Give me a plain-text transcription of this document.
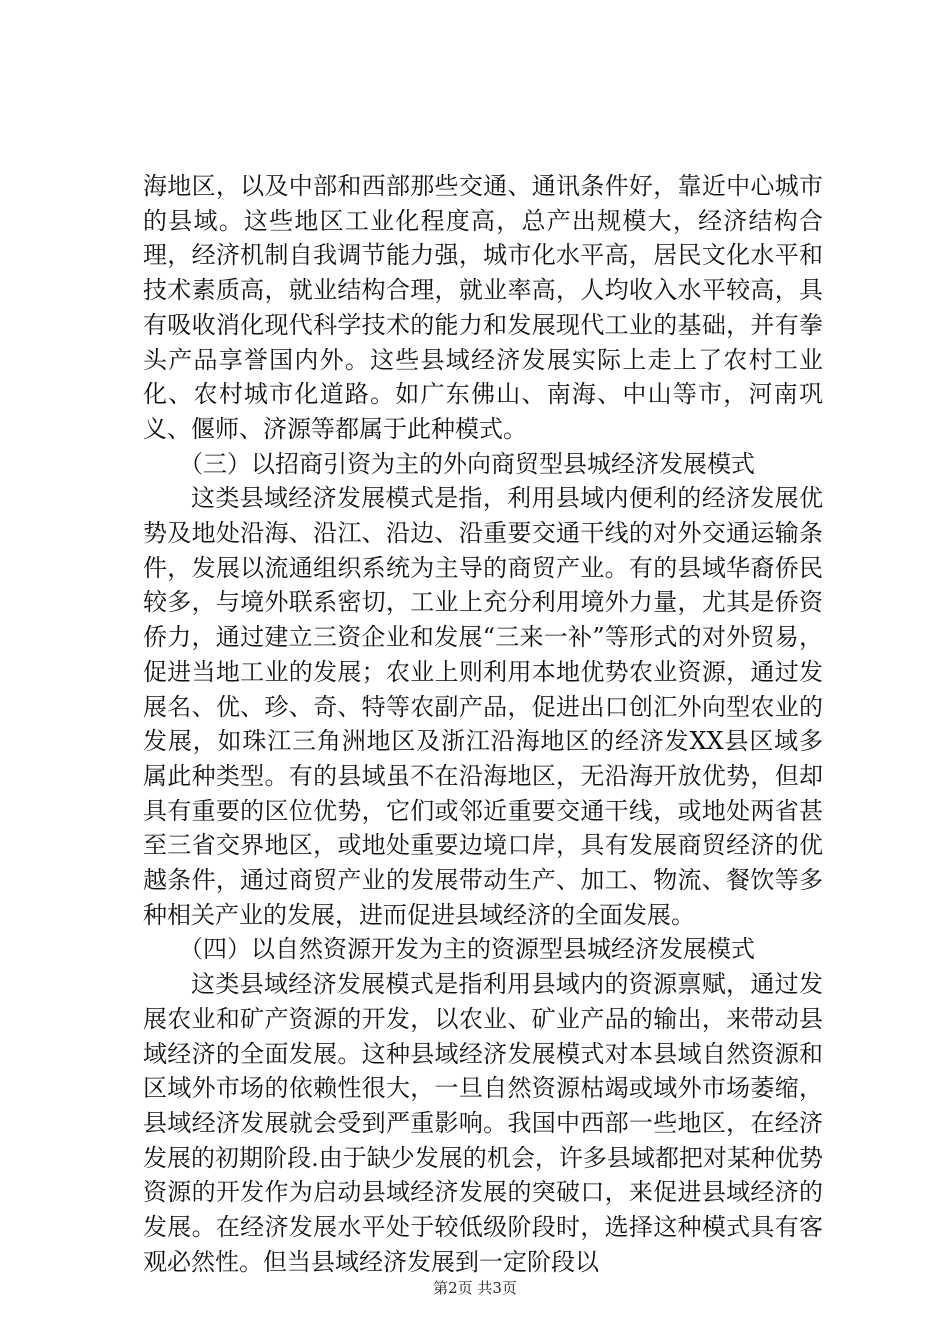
海地区，以及中部和西部那些交通、通讯条件好，靠近中心城市的县域。这些地区工业化程度高，总产出规模大，经济结构合理，经济机制自我调节能力强，城市化水平高，居民文化水平和技术素质高，就业结构合理，就业率高，人均收入水平较高，具有吸收消化现代科学技术的能力和发展现代工业的基础，并有拳头产品享誉国内外。这些县域经济发展实际上走上了农村工业化、农村城市化道路。如广东佛山、南海、中山等市，河南巩义、偃师、济源等都属于此种模式。

（三）以招商引资为主的外向商贸型县城经济发展模式

这类县域经济发展模式是指，利用县域内便利的经济发展优势及地处沿海、沿江、沿边、沿重要交通干线的对外交通运输条件，发展以流通组织系统为主导的商贸产业。有的县域华裔侨民较多，与境外联系密切，工业上充分利用境外力量，尤其是侨资侨力，通过建立三资企业和发展“三来一补”等形式的对外贸易，促进当地工业的发展；农业上则利用本地优势农业资源，通过发展名、优、珍、奇、特等农副产品，促进出口创汇外向型农业的发展，如珠江三角洲地区及浙江沿海地区的经济发XX县区域多属此种类型。有的县域虽不在沿海地区，无沿海开放优势，但却具有重要的区位优势，它们或邻近重要交通干线，或地处两省甚至三省交界地区，或地处重要边境口岸，具有发展商贸经济的优越条件，通过商贸产业的发展带动生产、加工、物流、餐饮等多种相关产业的发展，进而促进县域经济的全面发展。

（四）以自然资源开发为主的资源型县城经济发展模式

这类县域经济发展模式是指利用县域内的资源禀赋，通过发展农业和矿产资源的开发，以农业、矿业产品的输出，来带动县域经济的全面发展。这种县域经济发展模式对本县域自然资源和区域外市场的依赖性很大，一旦自然资源枯竭或域外市场萎缩，县域经济发展就会受到严重影响。我国中西部一些地区，在经济发展的初期阶段.由于缺少发展的机会，许多县域都把对某种优势资源的开发作为启动县域经济发展的突破口，来促进县域经济的发展。在经济发展水平处于较低级阶段时，选择这种模式具有客观必然性。但当县域经济发展到一定阶段以

第2页 共3页
